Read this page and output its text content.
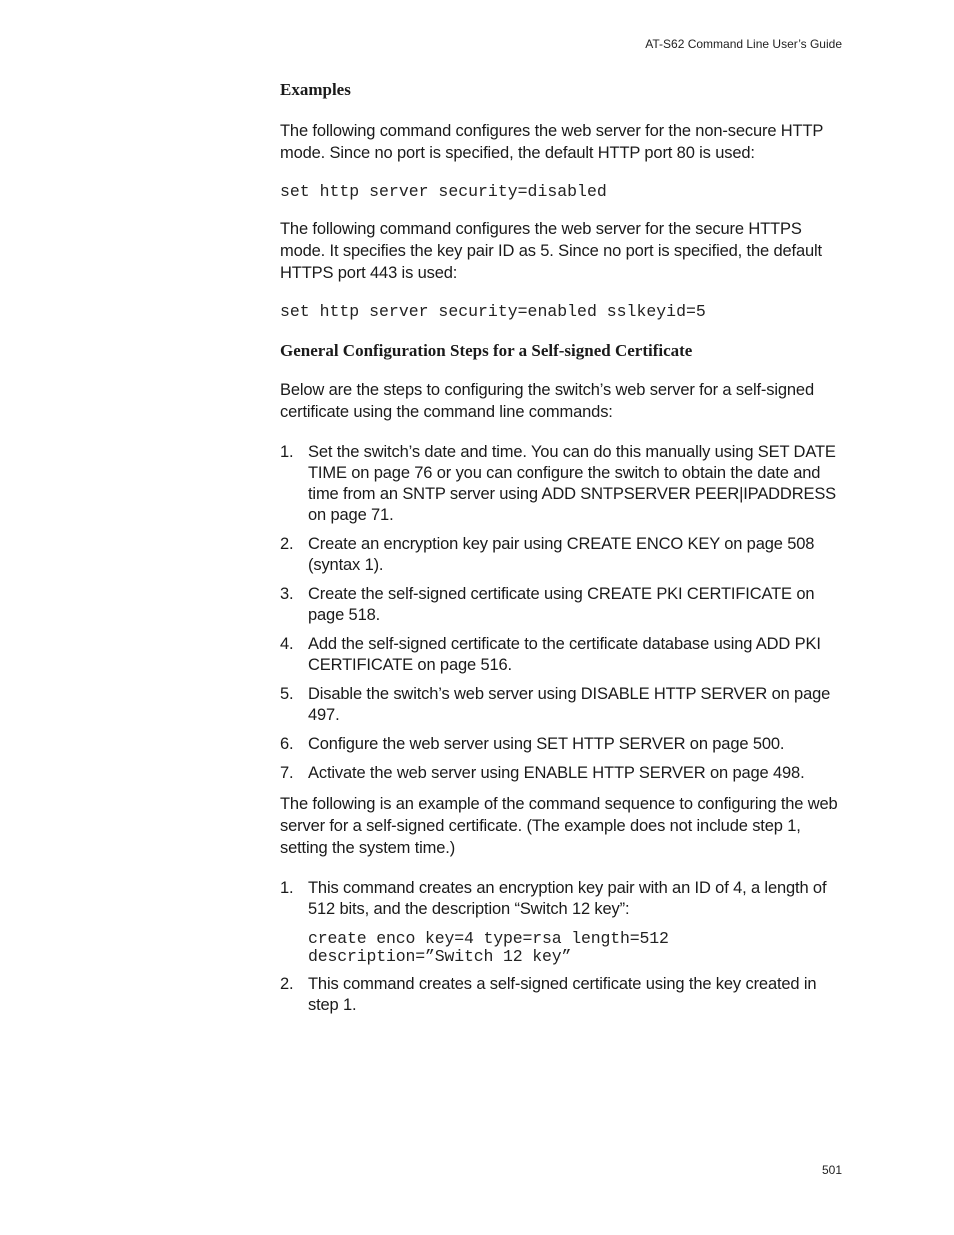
AT-S62 Command Line User’s Guide
Examples

The following command configures the web server for the non-secure HTTP mode. Since no port is specified, the default HTTP port 80 is used:

set http server security=disabled

The following command configures the web server for the secure HTTPS mode. It specifies the key pair ID as 5. Since no port is specified, the default HTTPS port 443 is used:

set http server security=enabled sslkeyid=5
General Configuration Steps for a Self-signed Certificate

Below are the steps to configuring the switch’s web server for a self-signed certificate using the command line commands:

1. Set the switch’s date and time. You can do this manually using SET DATE TIME on page 76 or you can configure the switch to obtain the date and time from an SNTP server using ADD SNTPSERVER PEER|IPADDRESS on page 71.
2. Create an encryption key pair using CREATE ENCO KEY on page 508 (syntax 1).
3. Create the self-signed certificate using CREATE PKI CERTIFICATE on page 518.
4. Add the self-signed certificate to the certificate database using ADD PKI CERTIFICATE on page 516.
5. Disable the switch’s web server using DISABLE HTTP SERVER on page 497.
6. Configure the web server using SET HTTP SERVER on page 500.
7. Activate the web server using ENABLE HTTP SERVER on page 498.

The following is an example of the command sequence to configuring the web server for a self-signed certificate. (The example does not include step 1, setting the system time.)

1. This command creates an encryption key pair with an ID of 4, a length of 512 bits, and the description “Switch 12 key”:
create enco key=4 type=rsa length=512
description=”Switch 12 key”
2. This command creates a self-signed certificate using the key created in step 1.
501
